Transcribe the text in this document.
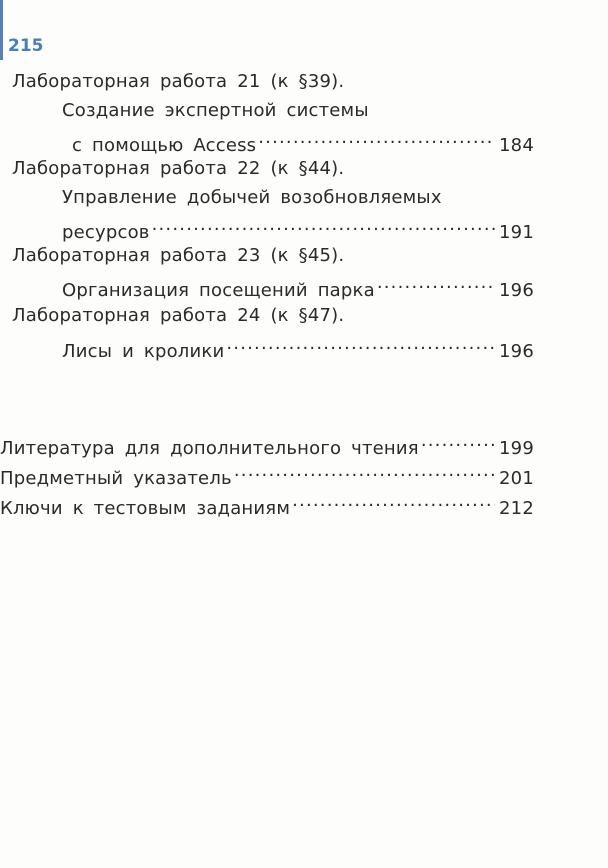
215
Лабораторная работа 21 (к §39).
Создание экспертной системы
с помощью Access .....	184
Лабораторная работа 22 (к §44).
Управление добычей возобновляемых
ресурсов .....	191
Лабораторная работа 23 (к §45).
Организация посещений парка .....	196
Лабораторная работа 24 (к §47).
Лисы и кролики .....	196
Литература для дополнительного чтения .....	199
Предметный указатель .....	201
Ключи к тестовым заданиям .....	212
